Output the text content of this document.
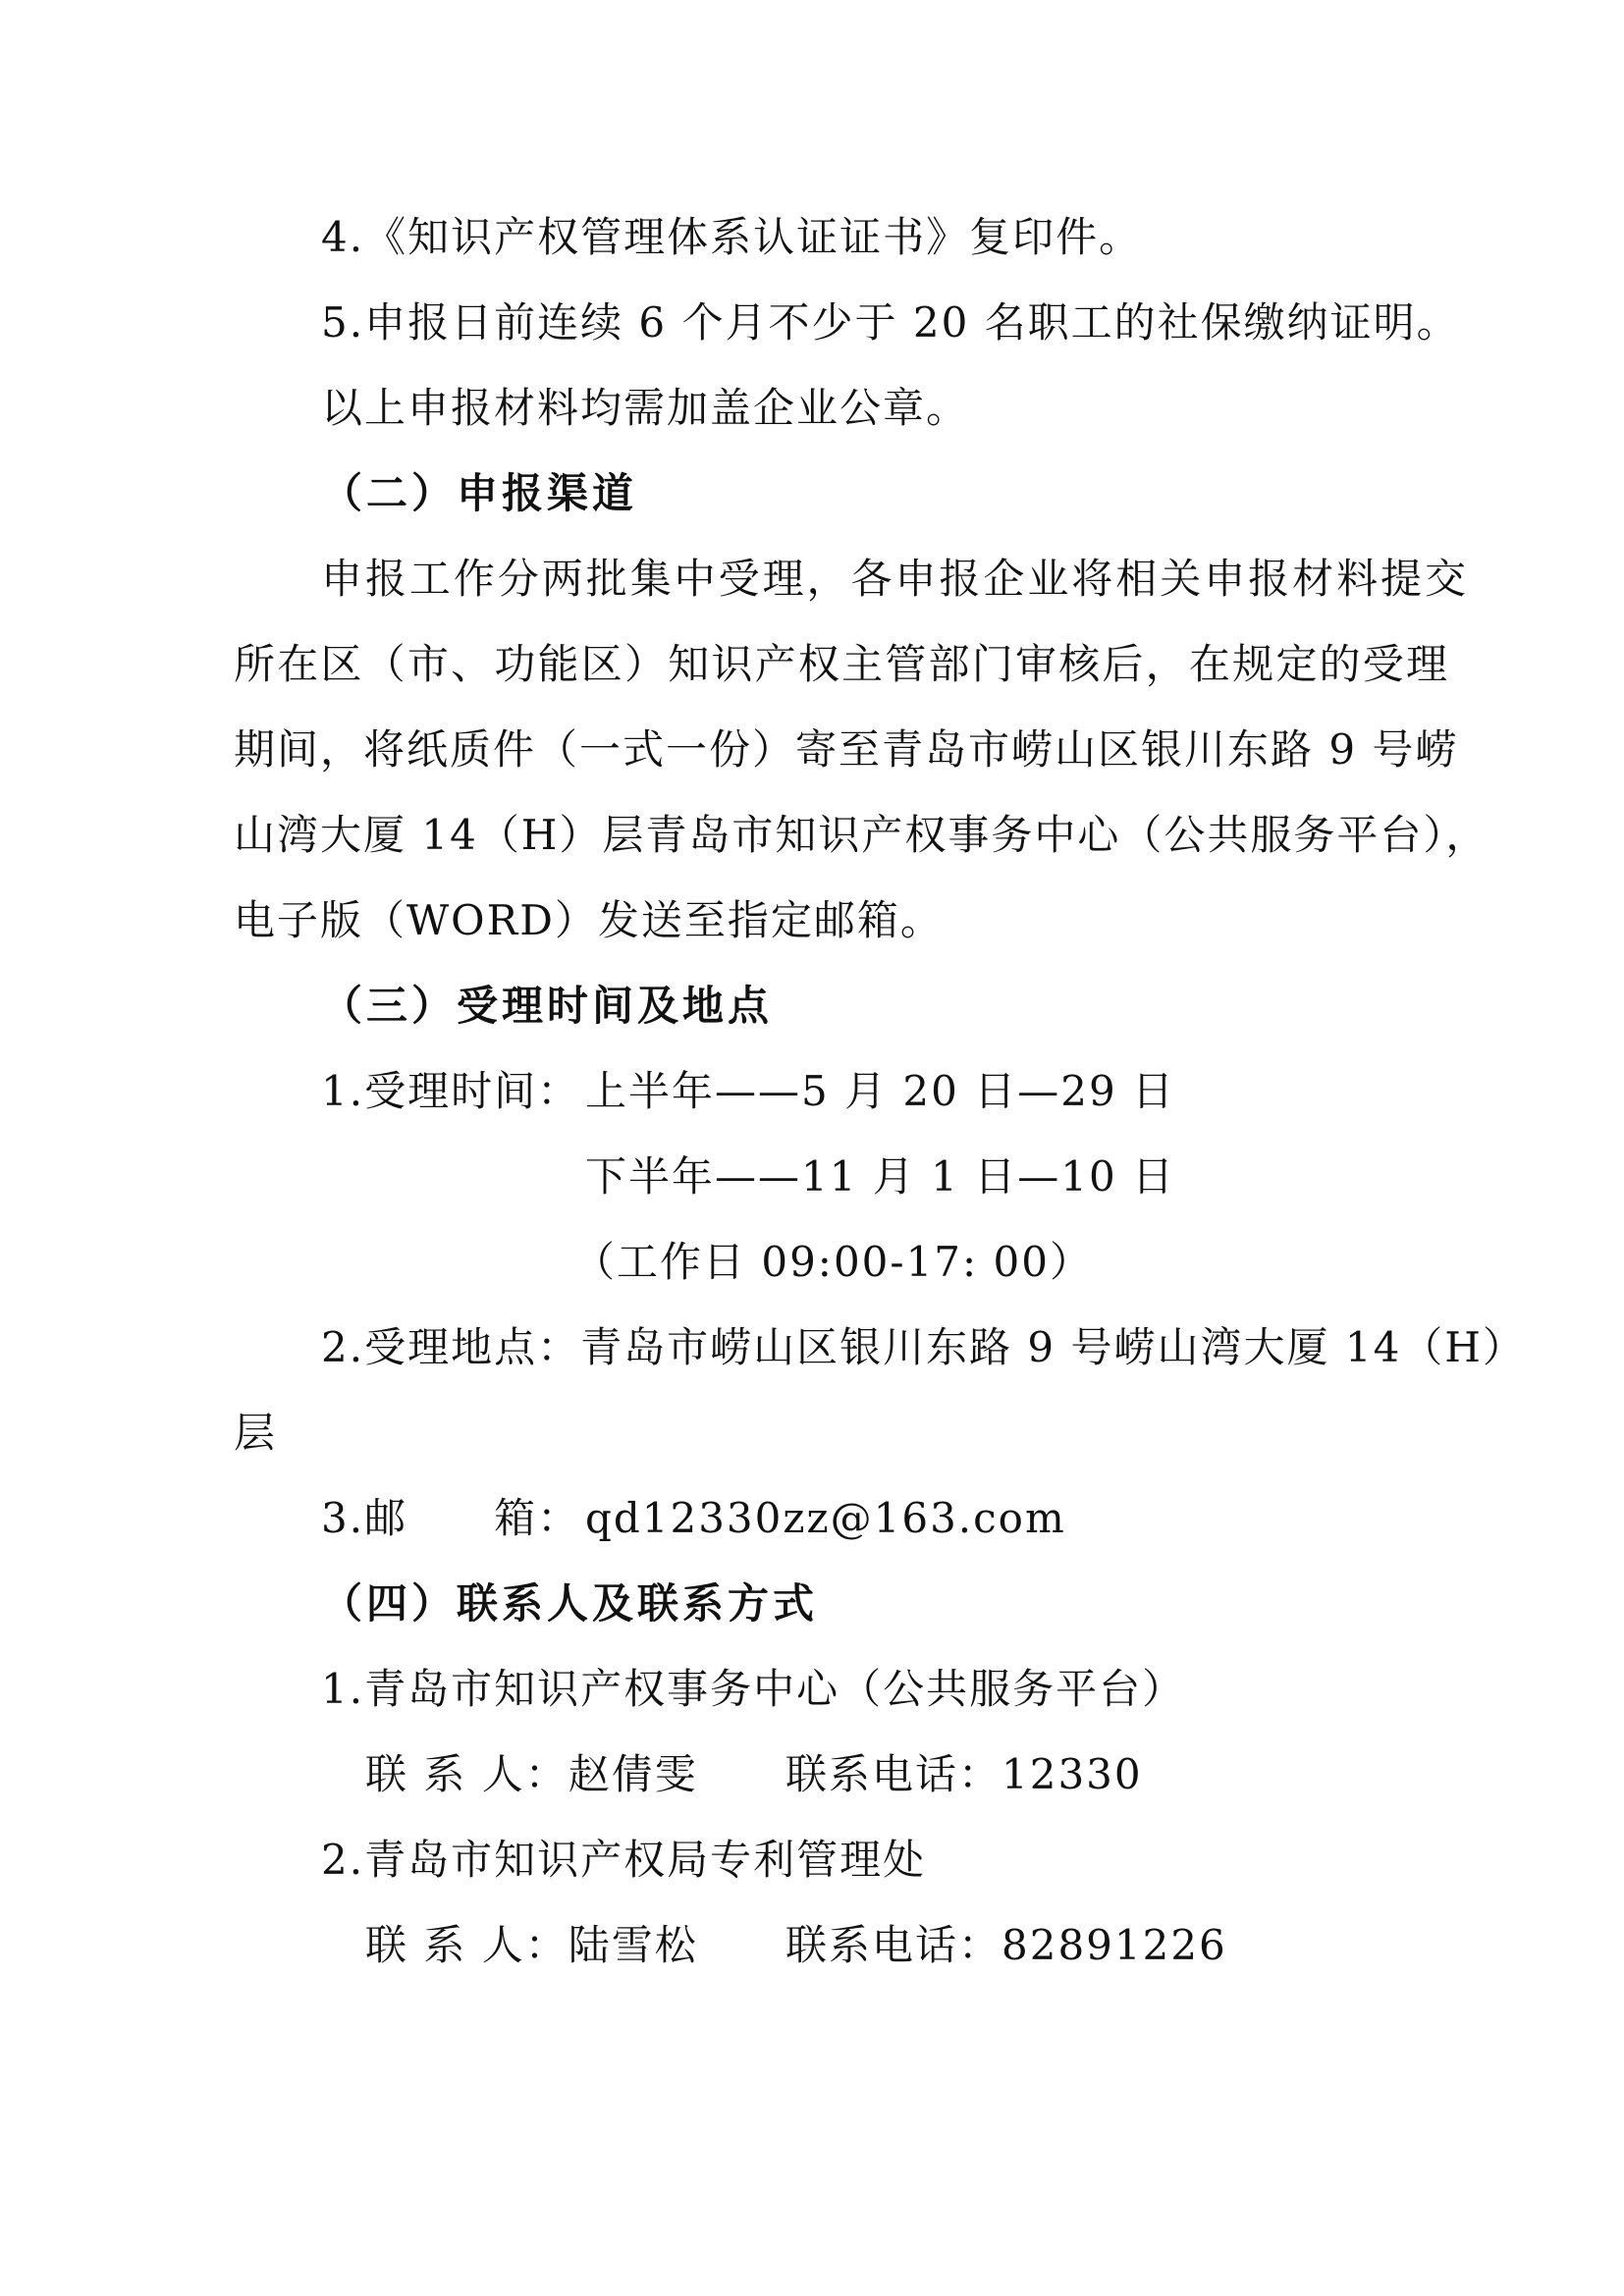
4.《知识产权管理体系认证证书》复印件。
5.申报日前连续 6 个月不少于 20 名职工的社保缴纳证明。
以上申报材料均需加盖企业公章。
（二）申报渠道
申报工作分两批集中受理，各申报企业将相关申报材料提交
所在区（市、功能区）知识产权主管部门审核后，在规定的受理
期间，将纸质件（一式一份）寄至青岛市崂山区银川东路 9 号崂
山湾大厦 14（H）层青岛市知识产权事务中心（公共服务平台），
电子版（WORD）发送至指定邮箱。
（三）受理时间及地点
1.受理时间： 上半年——5 月 20 日—29 日
下半年——11 月 1 日—10 日
（工作日 09:00-17: 00）
2.受理地点：青岛市崂山区银川东路 9 号崂山湾大厦 14（H）
层
3.邮　　箱： qd12330zz@163.com
（四）联系人及联系方式
1.青岛市知识产权事务中心（公共服务平台）
联 系 人：赵倩雯 联系电话：12330
2.青岛市知识产权局专利管理处
联 系 人：陆雪松 联系电话：82891226
